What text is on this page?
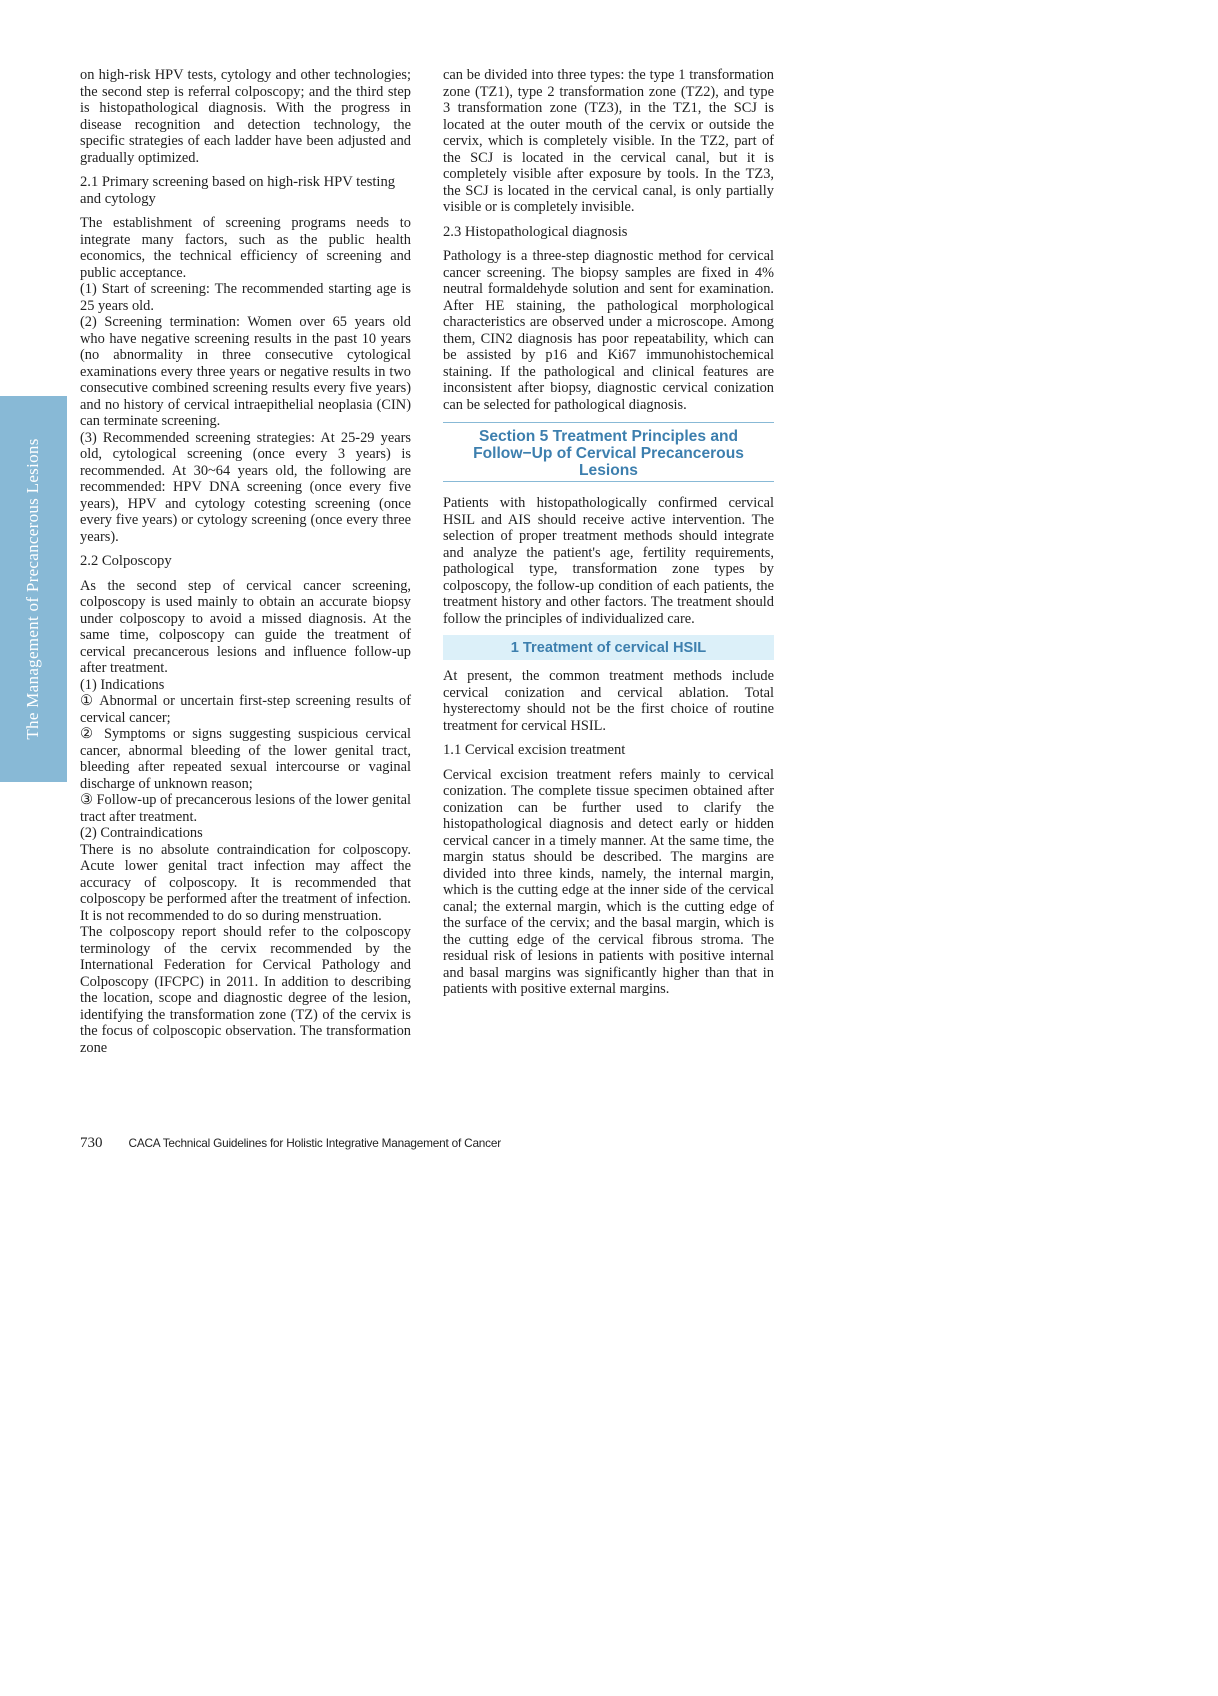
The Management of Precancerous Lesions

on high-risk HPV tests, cytology and other technologies; the second step is referral colposcopy; and the third step is histopathological diagnosis. With the progress in disease recognition and detection technology, the specific strategies of each ladder have been adjusted and gradually optimized.

2.1 Primary screening based on high-risk HPV testing and cytology

The establishment of screening programs needs to integrate many factors, such as the public health economics, the technical efficiency of screening and public acceptance.

(1) Start of screening: The recommended starting age is 25 years old.

(2) Screening termination: Women over 65 years old who have negative screening results in the past 10 years (no abnormality in three consecutive cytological examinations every three years or negative results in two consecutive combined screening results every five years) and no history of cervical intraepithelial neoplasia (CIN) can terminate screening.

(3) Recommended screening strategies: At 25-29 years old, cytological screening (once every 3 years) is recommended. At 30~64 years old, the following are recommended: HPV DNA screening (once every five years), HPV and cytology cotesting screening (once every five years) or cytology screening (once every three years).

2.2 Colposcopy

As the second step of cervical cancer screening, colposcopy is used mainly to obtain an accurate biopsy under colposcopy to avoid a missed diagnosis. At the same time, colposcopy can guide the treatment of cervical precancerous lesions and influence follow-up after treatment.

(1) Indications

① Abnormal or uncertain first-step screening results of cervical cancer;

② Symptoms or signs suggesting suspicious cervical cancer, abnormal bleeding of the lower genital tract, bleeding after repeated sexual intercourse or vaginal discharge of unknown reason;

③ Follow-up of precancerous lesions of the lower genital tract after treatment.

(2) Contraindications

There is no absolute contraindication for colposcopy. Acute lower genital tract infection may affect the accuracy of colposcopy. It is recommended that colposcopy be performed after the treatment of infection. It is not recommended to do so during menstruation.

The colposcopy report should refer to the colposcopy terminology of the cervix recommended by the International Federation for Cervical Pathology and Colposcopy (IFCPC) in 2011. In addition to describing the location, scope and diagnostic degree of the lesion, identifying the transformation zone (TZ) of the cervix is the focus of colposcopic observation. The transformation zone

can be divided into three types: the type 1 transformation zone (TZ1), type 2 transformation zone (TZ2), and type 3 transformation zone (TZ3), in the TZ1, the SCJ is located at the outer mouth of the cervix or outside the cervix, which is completely visible. In the TZ2, part of the SCJ is located in the cervical canal, but it is completely visible after exposure by tools. In the TZ3, the SCJ is located in the cervical canal, is only partially visible or is completely invisible.

2.3 Histopathological diagnosis

Pathology is a three-step diagnostic method for cervical cancer screening. The biopsy samples are fixed in 4% neutral formaldehyde solution and sent for examination. After HE staining, the pathological morphological characteristics are observed under a microscope. Among them, CIN2 diagnosis has poor repeatability, which can be assisted by p16 and Ki67 immunohistochemical staining. If the pathological and clinical features are inconsistent after biopsy, diagnostic cervical conization can be selected for pathological diagnosis.

Section 5 Treatment Principles and Follow−Up of Cervical Precancerous Lesions

Patients with histopathologically confirmed cervical HSIL and AIS should receive active intervention. The selection of proper treatment methods should integrate and analyze the patient's age, fertility requirements, pathological type, transformation zone types by colposcopy, the follow-up condition of each patients, the treatment history and other factors. The treatment should follow the principles of individualized care.

1 Treatment of cervical HSIL

At present, the common treatment methods include cervical conization and cervical ablation. Total hysterectomy should not be the first choice of routine treatment for cervical HSIL.

1.1 Cervical excision treatment

Cervical excision treatment refers mainly to cervical conization. The complete tissue specimen obtained after conization can be further used to clarify the histopathological diagnosis and detect early or hidden cervical cancer in a timely manner. At the same time, the margin status should be described. The margins are divided into three kinds, namely, the internal margin, which is the cutting edge at the inner side of the cervical canal; the external margin, which is the cutting edge of the surface of the cervix; and the basal margin, which is the cutting edge of the cervical fibrous stroma. The residual risk of lesions in patients with positive internal and basal margins was significantly higher than that in patients with positive external margins.

730 CACA Technical Guidelines for Holistic Integrative Management of Cancer
